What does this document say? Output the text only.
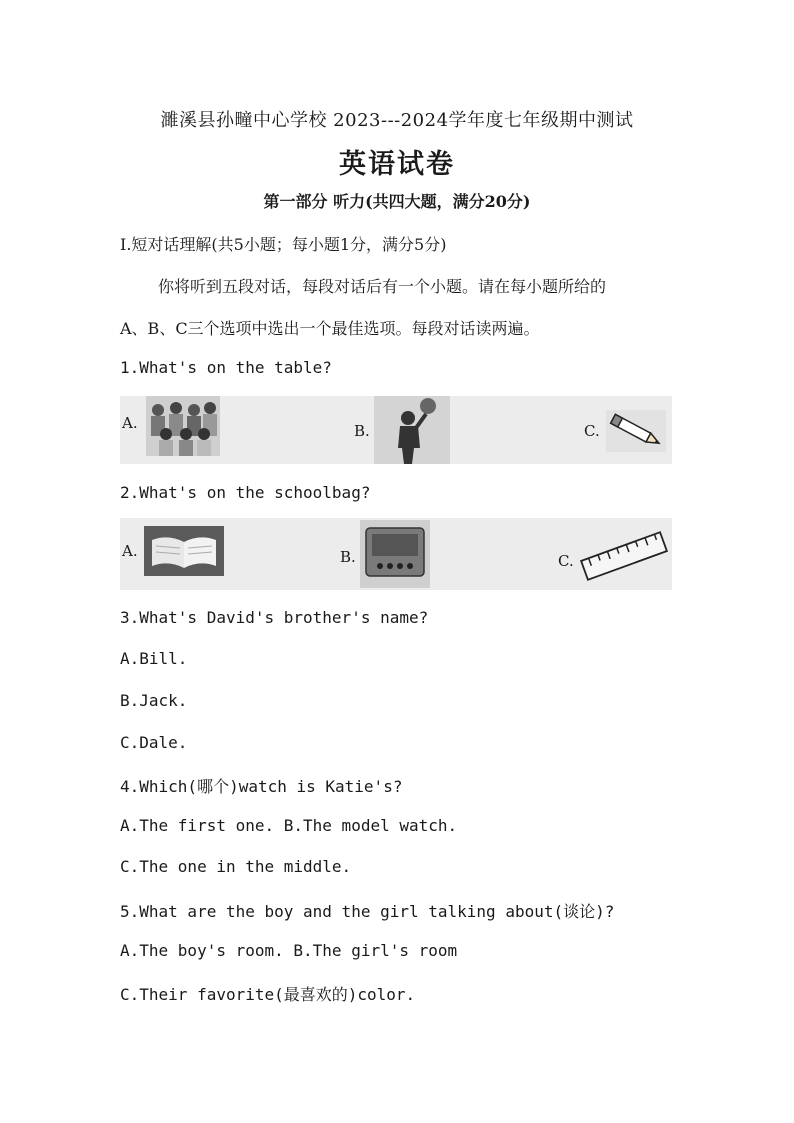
濉溪县孙疃中心学校 2023---2024学年度七年级期中测试
英语试卷
第一部分 听力(共四大题，满分20分)
I.短对话理解(共5小题；每小题1分，满分5分)
你将听到五段对话，每段对话后有一个小题。请在每小题所给的
A、B、C三个选项中选出一个最佳选项。每段对话读两遍。
1.What's on the table?
A.	B.	C.
2.What's on the schoolbag?
A.	B.	C.
3.What's David's brother's name?
A.Bill.
B.Jack.
C.Dale.
4.Which(哪个)watch is Katie's?
A.The first one. B.The model watch.
C.The one in the middle.
5.What are the boy and the girl talking about(谈论)?
A.The boy's room. B.The girl's room
C.Their favorite(最喜欢的)color.
